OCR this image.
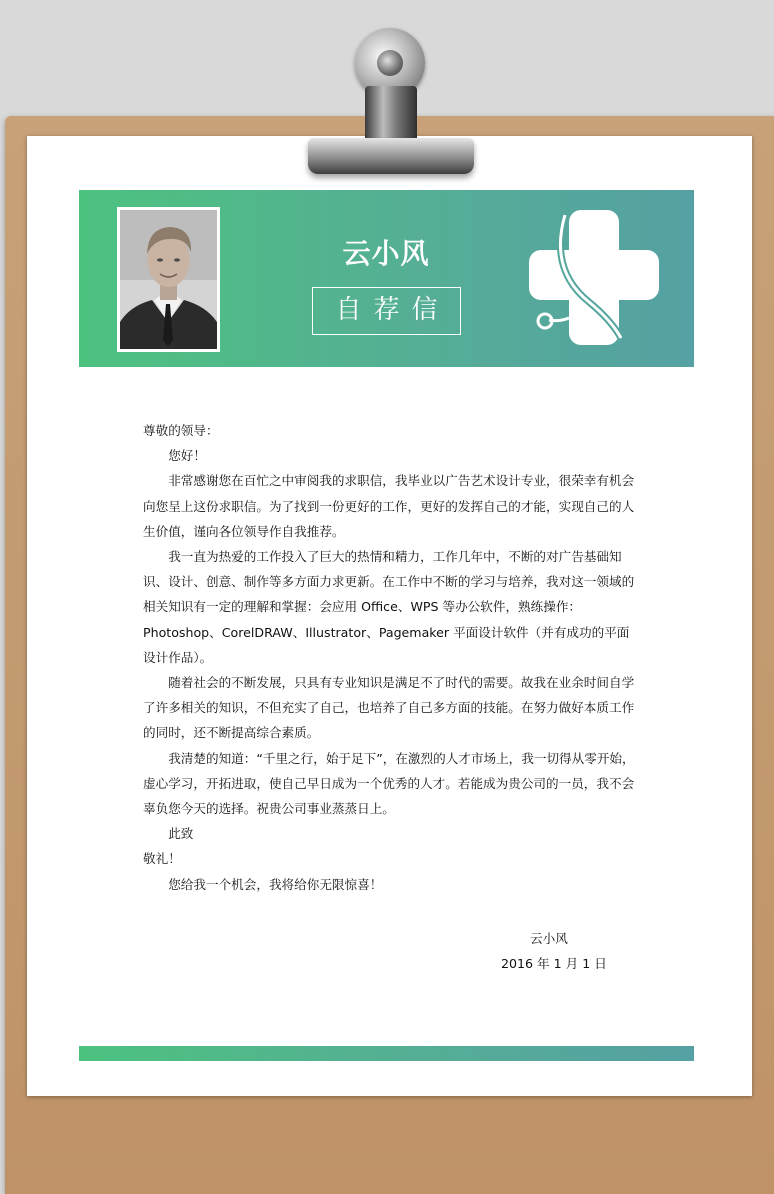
云小风
自荐信

尊敬的领导：

您好！

非常感谢您在百忙之中审阅我的求职信，我毕业以广告艺术设计专业，很荣幸有机会向您呈上这份求职信。为了找到一份更好的工作，更好的发挥自己的才能，实现自己的人生价值，谨向各位领导作自我推荐。

我一直为热爱的工作投入了巨大的热情和精力，工作几年中，不断的对广告基础知识、设计、创意、制作等多方面力求更新。在工作中不断的学习与培养，我对这一领域的相关知识有一定的理解和掌握：会应用 Office、WPS 等办公软件，熟练操作：Photoshop、CorelDRAW、Illustrator、Pagemaker 平面设计软件（并有成功的平面设计作品）。

随着社会的不断发展，只具有专业知识是满足不了时代的需要。故我在业余时间自学了许多相关的知识，不但充实了自己，也培养了自己多方面的技能。在努力做好本质工作的同时，还不断提高综合素质。

我清楚的知道：“千里之行，始于足下”，在激烈的人才市场上，我一切得从零开始，虚心学习，开拓进取，使自己早日成为一个优秀的人才。若能成为贵公司的一员，我不会辜负您今天的选择。祝贵公司事业蒸蒸日上。

此致

敬礼！

您给我一个机会，我将给你无限惊喜！

云小风
2016 年 1 月 1 日
